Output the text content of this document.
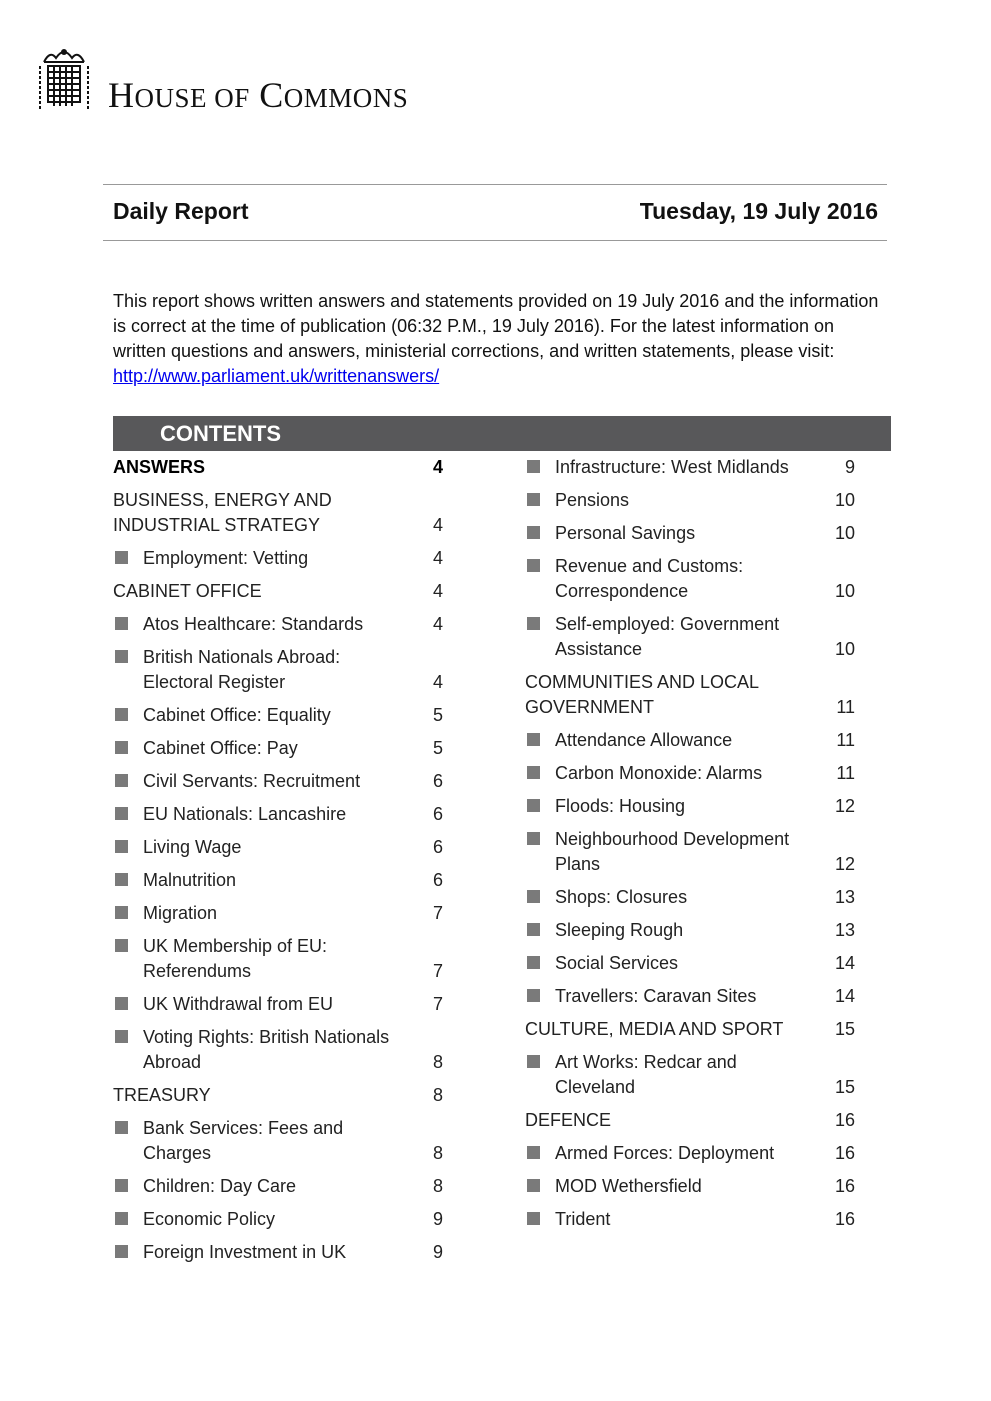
HOUSE OF COMMONS
Daily Report	Tuesday, 19 July 2016
This report shows written answers and statements provided on 19 July 2016 and the information is correct at the time of publication (06:32 P.M., 19 July 2016). For the latest information on written questions and answers, ministerial corrections, and written statements, please visit: http://www.parliament.uk/writtenanswers/
CONTENTS
ANSWERS	4
BUSINESS, ENERGY AND
INDUSTRIAL STRATEGY	4
Employment: Vetting	4
CABINET OFFICE	4
Atos Healthcare: Standards	4
British Nationals Abroad:
Electoral Register	4
Cabinet Office: Equality	5
Cabinet Office: Pay	5
Civil Servants: Recruitment	6
EU Nationals: Lancashire	6
Living Wage	6
Malnutrition	6
Migration	7
UK Membership of EU:
Referendums	7
UK Withdrawal from EU	7
Voting Rights: British Nationals
Abroad	8
TREASURY	8
Bank Services: Fees and
Charges	8
Children: Day Care	8
Economic Policy	9
Foreign Investment in UK	9
Infrastructure: West Midlands	9
Pensions	10
Personal Savings	10
Revenue and Customs:
Correspondence	10
Self-employed: Government
Assistance	10
COMMUNITIES AND LOCAL
GOVERNMENT	11
Attendance Allowance	11
Carbon Monoxide: Alarms	11
Floods: Housing	12
Neighbourhood Development
Plans	12
Shops: Closures	13
Sleeping Rough	13
Social Services	14
Travellers: Caravan Sites	14
CULTURE, MEDIA AND SPORT	15
Art Works: Redcar and
Cleveland	15
DEFENCE	16
Armed Forces: Deployment	16
MOD Wethersfield	16
Trident	16
